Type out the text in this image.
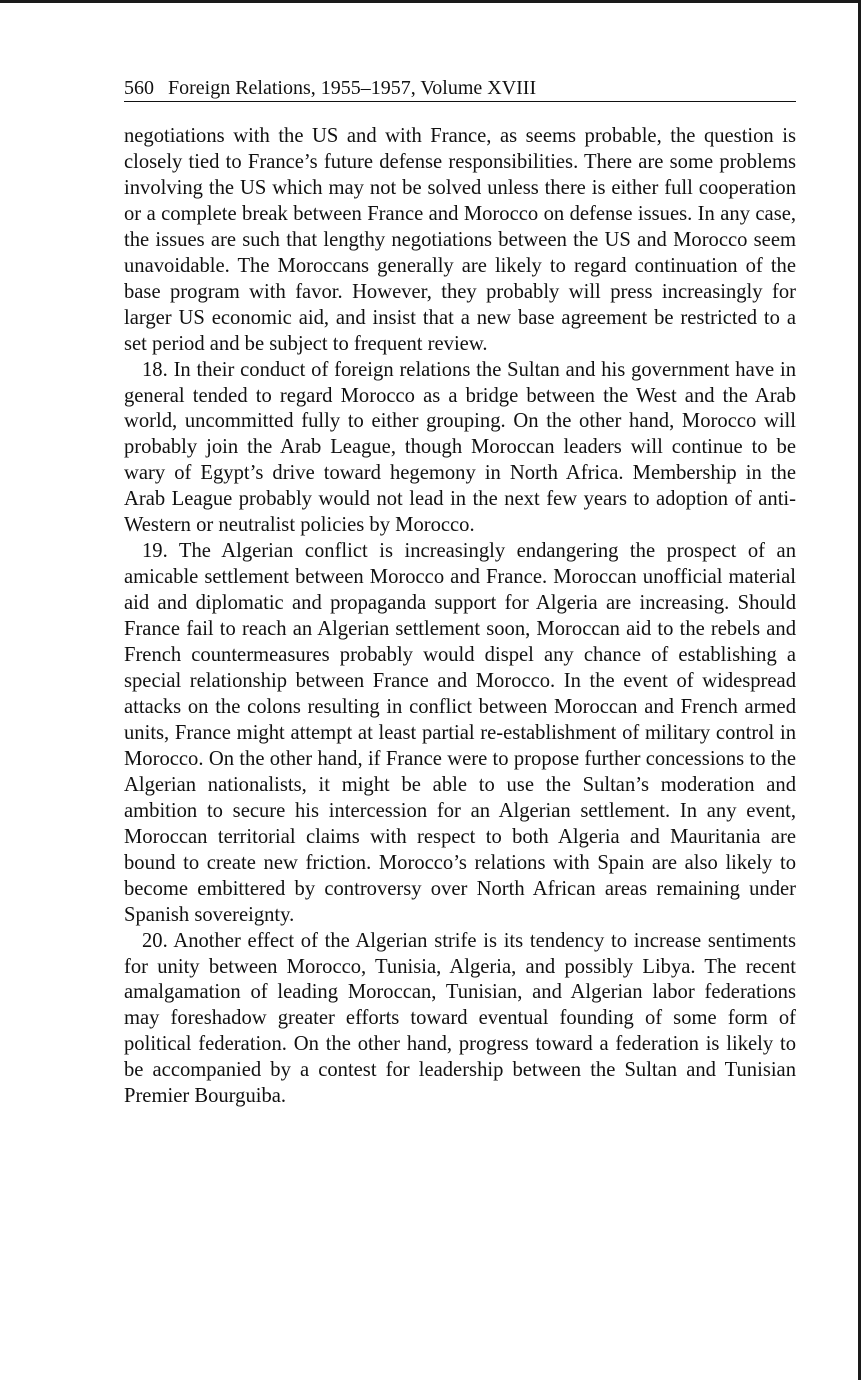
560 Foreign Relations, 1955–1957, Volume XVIII

negotiations with the US and with France, as seems probable, the question is closely tied to France’s future defense responsibilities. There are some problems involving the US which may not be solved unless there is either full cooperation or a complete break between France and Morocco on defense issues. In any case, the issues are such that lengthy negotiations between the US and Morocco seem unavoidable. The Moroccans generally are likely to regard continuation of the base program with favor. However, they probably will press increasingly for larger US economic aid, and insist that a new base agreement be restricted to a set period and be subject to frequent review.

18. In their conduct of foreign relations the Sultan and his government have in general tended to regard Morocco as a bridge between the West and the Arab world, uncommitted fully to either grouping. On the other hand, Morocco will probably join the Arab League, though Moroccan leaders will continue to be wary of Egypt’s drive toward hegemony in North Africa. Membership in the Arab League probably would not lead in the next few years to adoption of anti-Western or neutralist policies by Morocco.

19. The Algerian conflict is increasingly endangering the prospect of an amicable settlement between Morocco and France. Moroccan unofficial material aid and diplomatic and propaganda support for Algeria are increasing. Should France fail to reach an Algerian settlement soon, Moroccan aid to the rebels and French countermeasures probably would dispel any chance of establishing a special relationship between France and Morocco. In the event of widespread attacks on the colons resulting in conflict between Moroccan and French armed units, France might attempt at least partial re-establishment of military control in Morocco. On the other hand, if France were to propose further concessions to the Algerian nationalists, it might be able to use the Sultan’s moderation and ambition to secure his intercession for an Algerian settlement. In any event, Moroccan territorial claims with respect to both Algeria and Mauritania are bound to create new friction. Morocco’s relations with Spain are also likely to become embittered by controversy over North African areas remaining under Spanish sovereignty.

20. Another effect of the Algerian strife is its tendency to increase sentiments for unity between Morocco, Tunisia, Algeria, and possibly Libya. The recent amalgamation of leading Moroccan, Tunisian, and Algerian labor federations may foreshadow greater efforts toward eventual founding of some form of political federation. On the other hand, progress toward a federation is likely to be accompanied by a contest for leadership between the Sultan and Tunisian Premier Bourguiba.
